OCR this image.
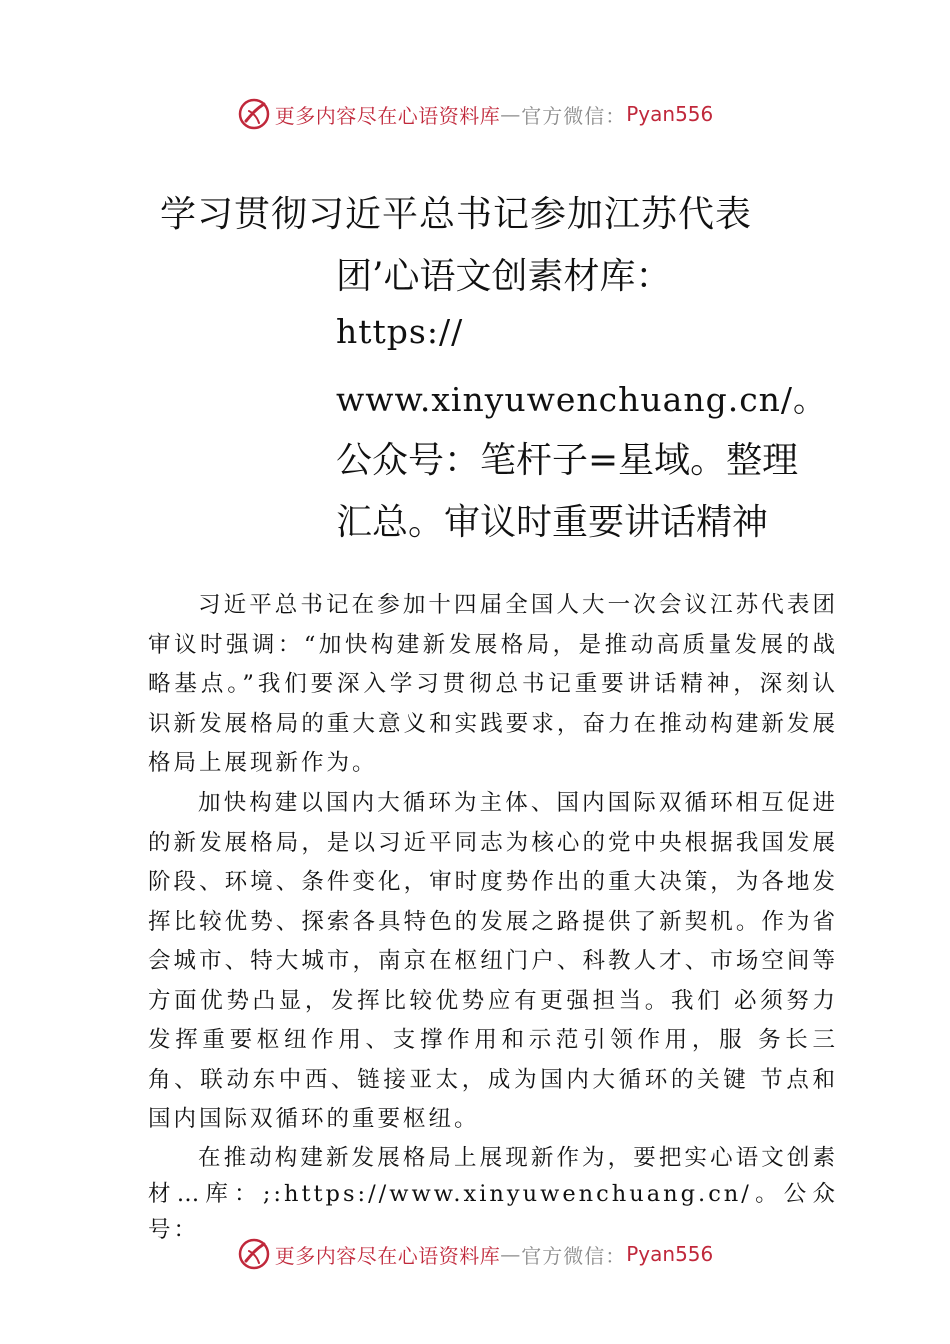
更多内容尽在心语资料库 — 官方微信： Pyan556
学习贯彻习近平总书记参加江苏代表
团’心语文创素材库：
https://
www.xinyuwenchuang.cn/。
公众号：笔杆子=星域。整理
汇总。审议时重要讲话精神

习近平总书记在参加十四届全国人大一次会议江苏代表团审议时强调：“加快构建新发展格局，是推动高质量发展的战略基点。”我们要深入学习贯彻总书记重要讲话精神，深刻认识新发展格局的重大意义和实践要求，奋力在推动构建新发展格局上展现新作为。

加快构建以国内大循环为主体、国内国际双循环相互促进的新发展格局，是以习近平同志为核心的党中央根据我国发展阶段、环境、条件变化，审时度势作出的重大决策，为各地发挥比较优势、探索各具特色的发展之路提供了新契机。作为省会城市、特大城市，南京在枢纽门户、科教人才、市场空间等方面优势凸显，发挥比较优势应有更强担当。我们 必须努力发挥重要枢纽作用、支撑作用和示范引领作用，服 务长三角、联动东中西、链接亚太，成为国内大循环的关键 节点和国内国际双循环的重要枢纽。

在推动构建新发展格局上展现新作为，要把实心语文创素材…库：;:https://www.xinyuwenchuang.cn/。公众号：

更多内容尽在心语资料库 — 官方微信： Pyan556
